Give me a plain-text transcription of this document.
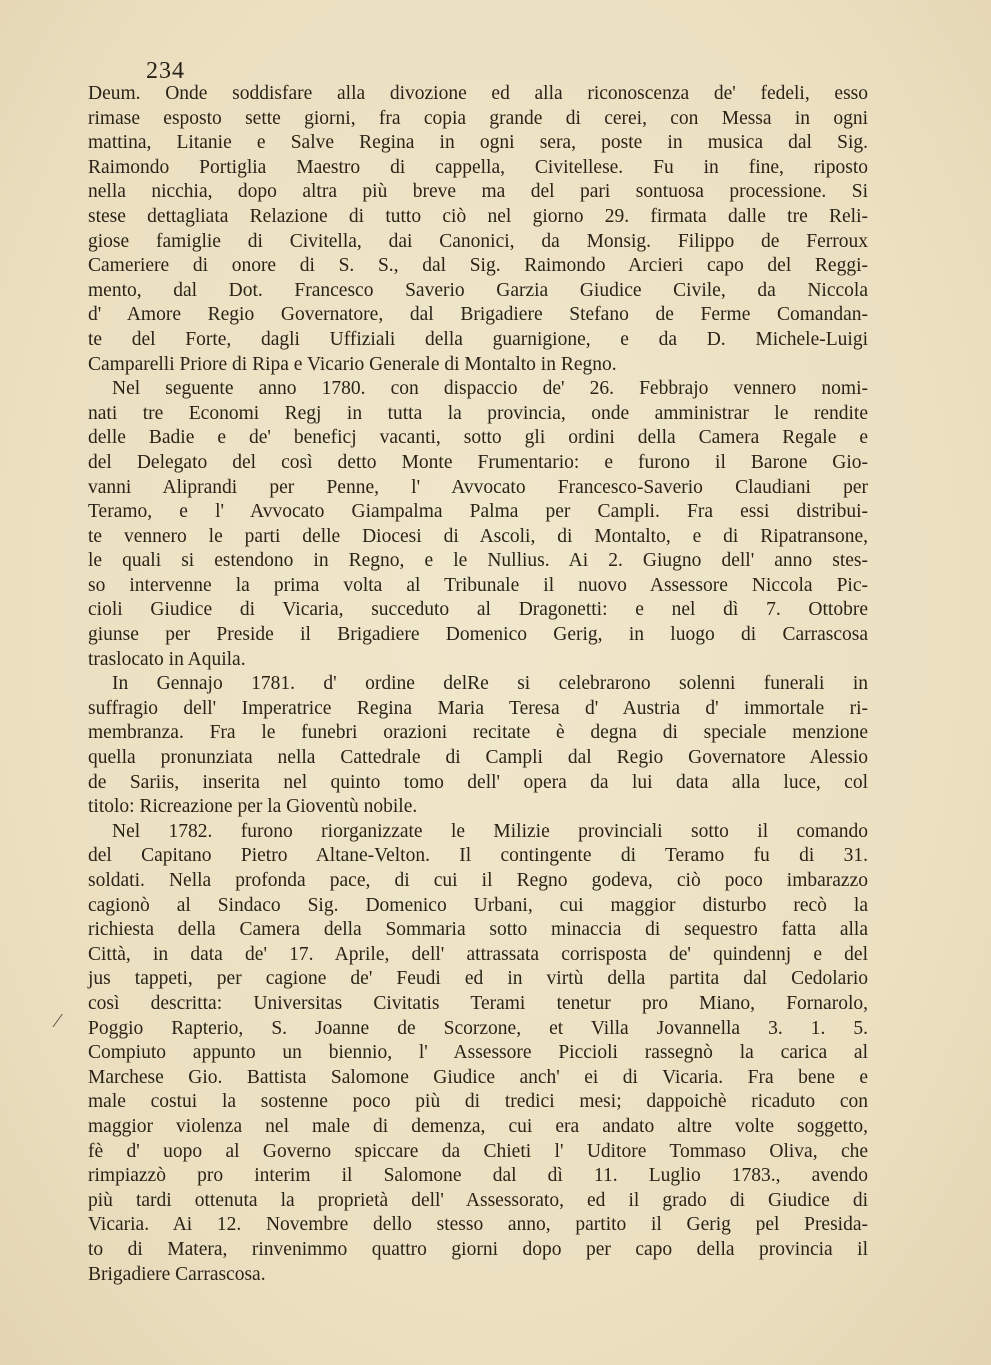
234
⁄
Deum. Onde soddisfare alla divozione ed alla riconoscenza de' fedeli, esso
rimase esposto sette giorni, fra copia grande di cerei, con Messa in ogni
mattina, Litanie e Salve Regina in ogni sera, poste in musica dal Sig.
Raimondo Portiglia Maestro di cappella, Civitellese. Fu in fine, riposto
nella nicchia, dopo altra più breve ma del pari sontuosa processione. Si
stese dettagliata Relazione di tutto ciò nel giorno 29. firmata dalle tre Reli-
giose famiglie di Civitella, dai Canonici, da Monsig. Filippo de Ferroux
Cameriere di onore di S. S., dal Sig. Raimondo Arcieri capo del Reggi-
mento, dal Dot. Francesco Saverio Garzia Giudice Civile, da Niccola
d' Amore Regio Governatore, dal Brigadiere Stefano de Ferme Comandan-
te del Forte, dagli Uffiziali della guarnigione, e da D. Michele-Luigi
Camparelli Priore di Ripa e Vicario Generale di Montalto in Regno.
Nel seguente anno 1780. con dispaccio de' 26. Febbrajo vennero nomi-
nati tre Economi Regj in tutta la provincia, onde amministrar le rendite
delle Badie e de' beneficj vacanti, sotto gli ordini della Camera Regale e
del Delegato del così detto Monte Frumentario: e furono il Barone Gio-
vanni Aliprandi per Penne, l' Avvocato Francesco-Saverio Claudiani per
Teramo, e l' Avvocato Giampalma Palma per Campli. Fra essi distribui-
te vennero le parti delle Diocesi di Ascoli, di Montalto, e di Ripatransone,
le quali si estendono in Regno, e le Nullius. Ai 2. Giugno dell' anno stes-
so intervenne la prima volta al Tribunale il nuovo Assessore Niccola Pic-
cioli Giudice di Vicaria, succeduto al Dragonetti: e nel dì 7. Ottobre
giunse per Preside il Brigadiere Domenico Gerig, in luogo di Carrascosa
traslocato in Aquila.
In Gennajo 1781. d' ordine delRe si celebrarono solenni funerali in
suffragio dell' Imperatrice Regina Maria Teresa d' Austria d' immortale ri-
membranza. Fra le funebri orazioni recitate è degna di speciale menzione
quella pronunziata nella Cattedrale di Campli dal Regio Governatore Alessio
de Sariis, inserita nel quinto tomo dell' opera da lui data alla luce, col
titolo: Ricreazione per la Gioventù nobile.
Nel 1782. furono riorganizzate le Milizie provinciali sotto il comando
del Capitano Pietro Altane-Velton. Il contingente di Teramo fu di 31.
soldati. Nella profonda pace, di cui il Regno godeva, ciò poco imbarazzo
cagionò al Sindaco Sig. Domenico Urbani, cui maggior disturbo recò la
richiesta della Camera della Sommaria sotto minaccia di sequestro fatta alla
Città, in data de' 17. Aprile, dell' attrassata corrisposta de' quindennj e del
jus tappeti, per cagione de' Feudi ed in virtù della partita dal Cedolario
così descritta: Universitas Civitatis Terami tenetur pro Miano, Fornarolo,
Poggio Rapterio, S. Joanne de Scorzone, et Villa Jovannella 3. 1. 5.
Compiuto appunto un biennio, l' Assessore Piccioli rassegnò la carica al
Marchese Gio. Battista Salomone Giudice anch' ei di Vicaria. Fra bene e
male costui la sostenne poco più di tredici mesi; dappoichè ricaduto con
maggior violenza nel male di demenza, cui era andato altre volte soggetto,
fè d' uopo al Governo spiccare da Chieti l' Uditore Tommaso Oliva, che
rimpiazzò pro interim il Salomone dal dì 11. Luglio 1783., avendo
più tardi ottenuta la proprietà dell' Assessorato, ed il grado di Giudice di
Vicaria. Ai 12. Novembre dello stesso anno, partito il Gerig pel Presida-
to di Matera, rinvenimmo quattro giorni dopo per capo della provincia il
Brigadiere Carrascosa.
